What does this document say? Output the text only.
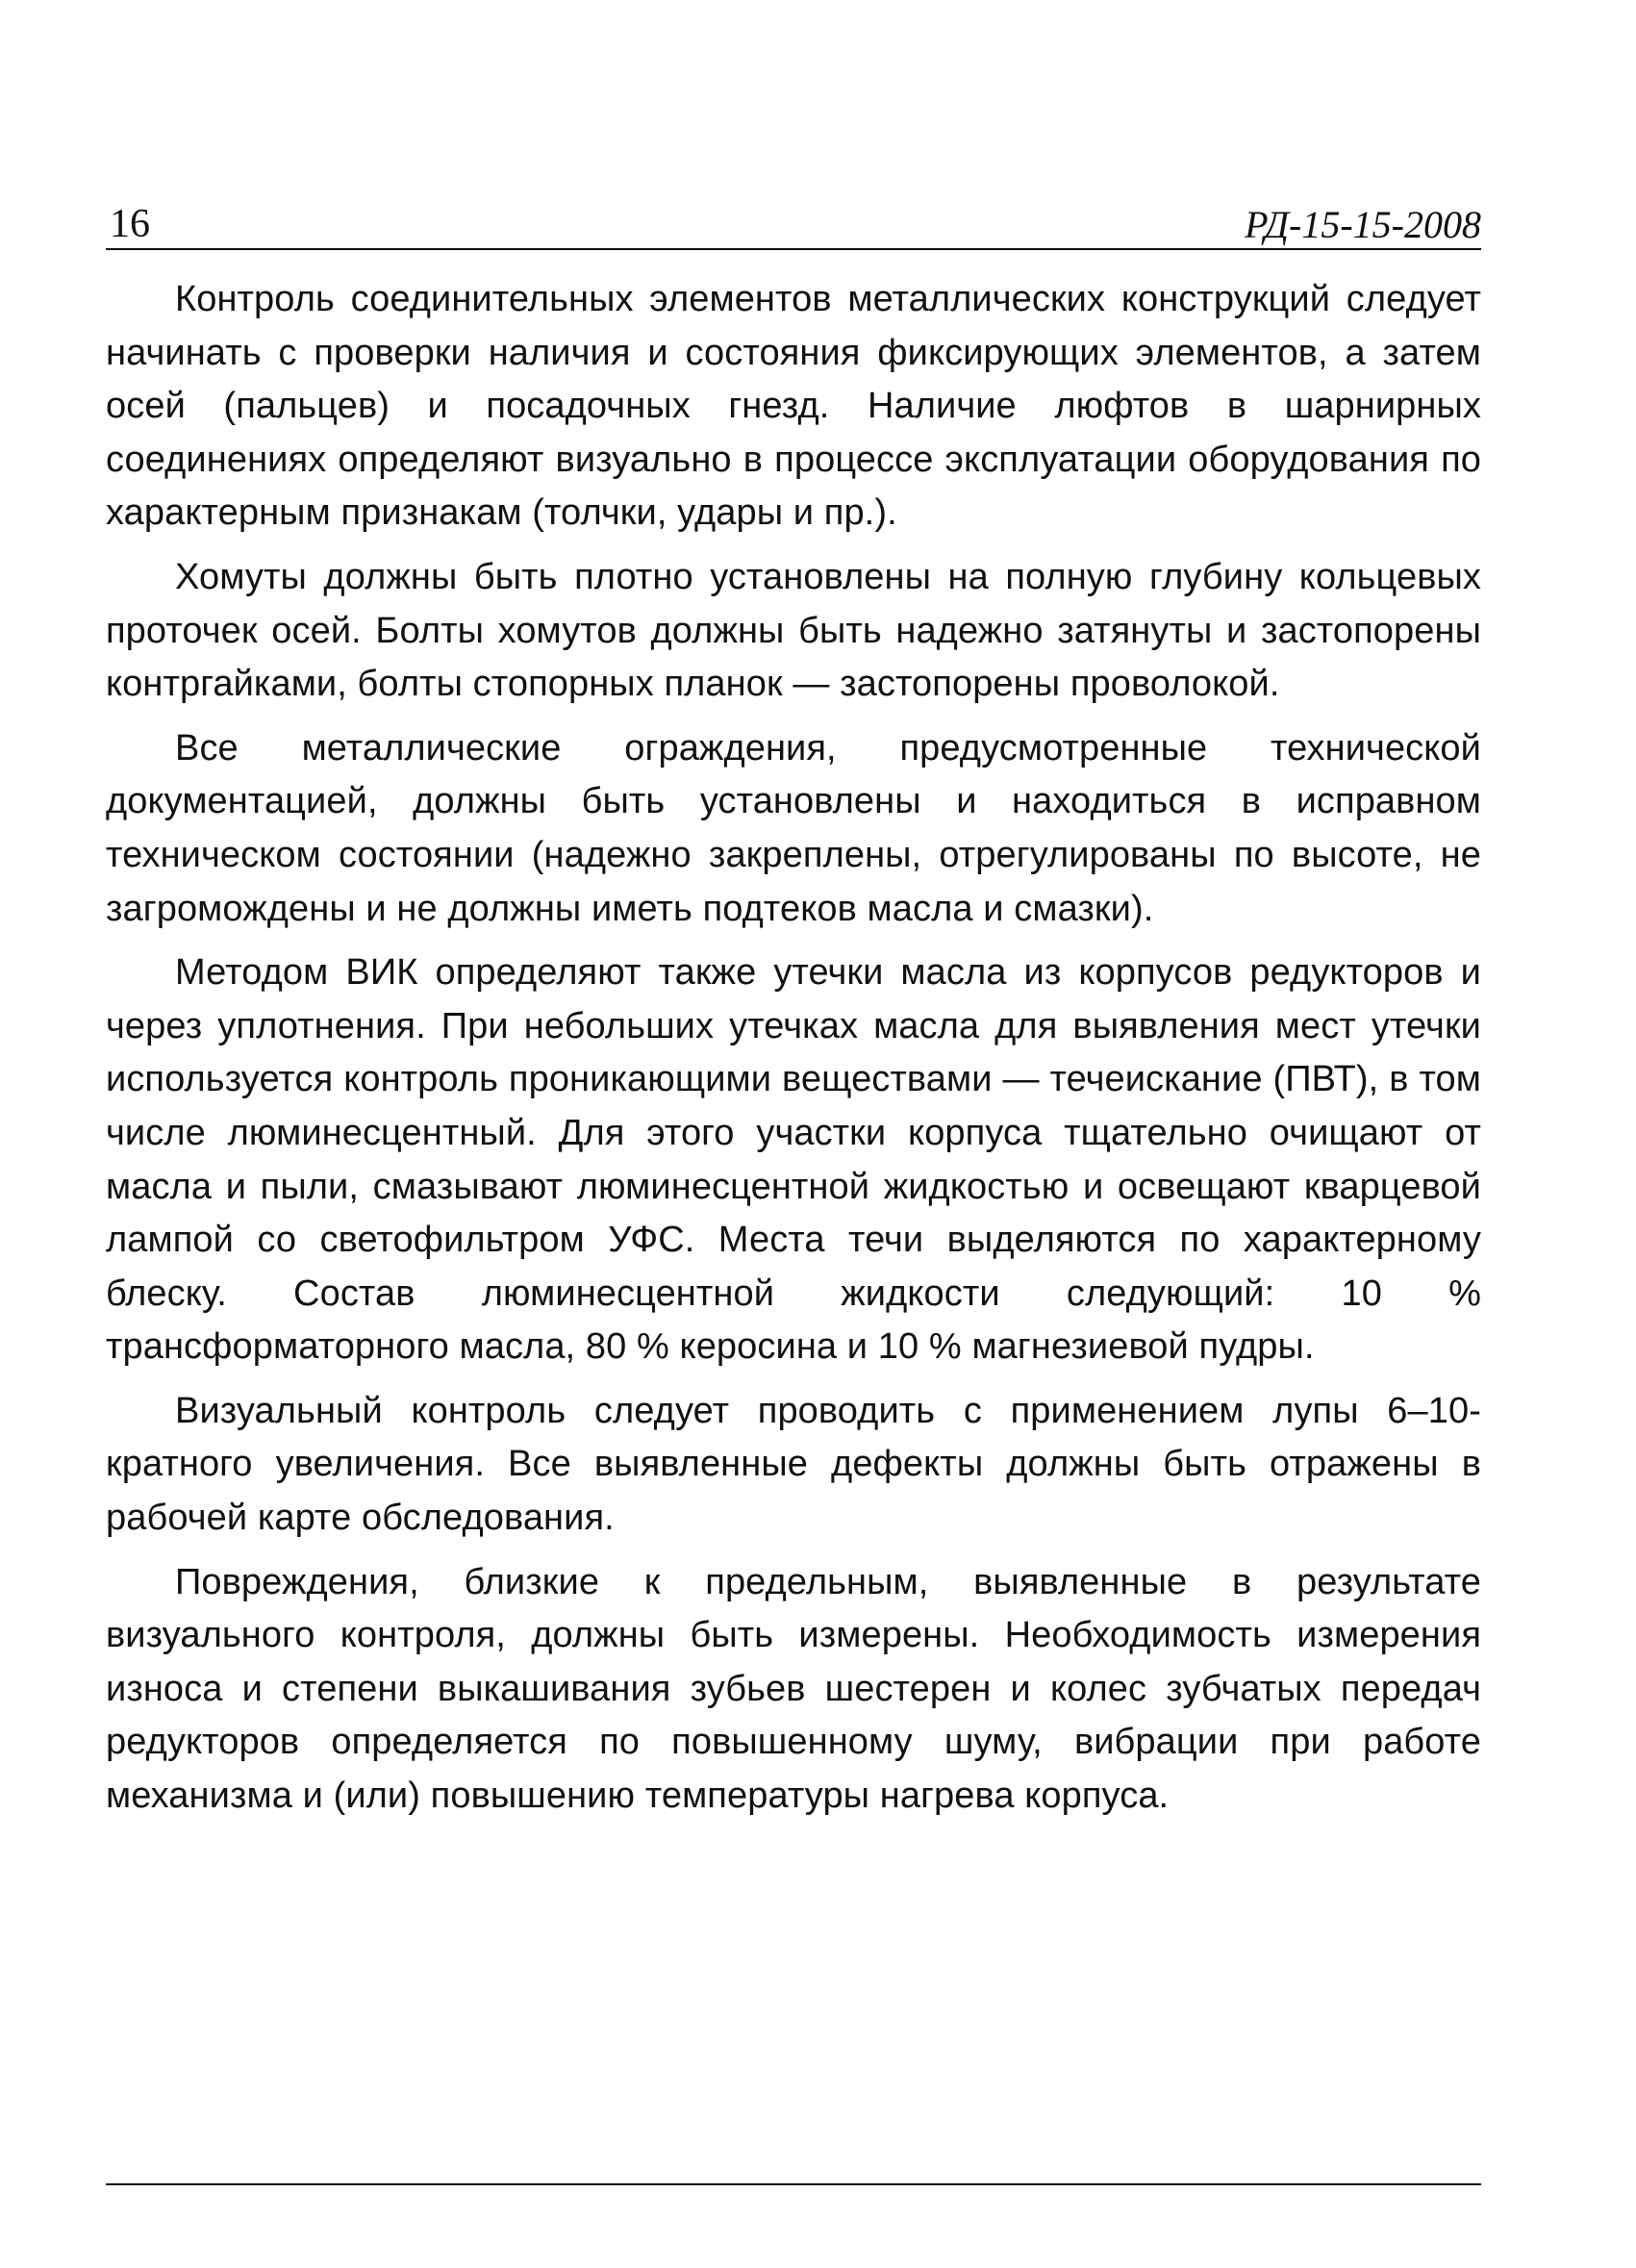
16	РД-15-15-2008

Контроль соединительных элементов металлических конструкций следует начинать с проверки наличия и состояния фиксирующих элементов, а затем осей (пальцев) и посадочных гнезд. Наличие люфтов в шарнирных соединениях определяют визуально в процессе эксплуатации оборудования по характерным признакам (толчки, удары и пр.).

Хомуты должны быть плотно установлены на полную глубину кольцевых проточек осей. Болты хомутов должны быть надежно затянуты и застопорены контргайками, болты стопорных планок — застопорены проволокой.

Все металлические ограждения, предусмотренные технической документацией, должны быть установлены и находиться в исправном техническом состоянии (надежно закреплены, отрегулированы по высоте, не загромождены и не должны иметь подтеков масла и смазки).

Методом ВИК определяют также утечки масла из корпусов редукторов и через уплотнения. При небольших утечках масла для выявления мест утечки используется контроль проникающими веществами — течеискание (ПВТ), в том числе люминесцентный. Для этого участки корпуса тщательно очищают от масла и пыли, смазывают люминесцентной жидкостью и освещают кварцевой лампой со светофильтром УФС. Места течи выделяются по характерному блеску. Состав люминесцентной жидкости следующий: 10 % трансформаторного масла, 80 % керосина и 10 % магнезиевой пудры.

Визуальный контроль следует проводить с применением лупы 6–10-кратного увеличения. Все выявленные дефекты должны быть отражены в рабочей карте обследования.

Повреждения, близкие к предельным, выявленные в результате визуального контроля, должны быть измерены. Необходимость измерения износа и степени выкашивания зубьев шестерен и колес зубчатых передач редукторов определяется по повышенному шуму, вибрации при работе механизма и (или) повышению температуры нагрева корпуса.
